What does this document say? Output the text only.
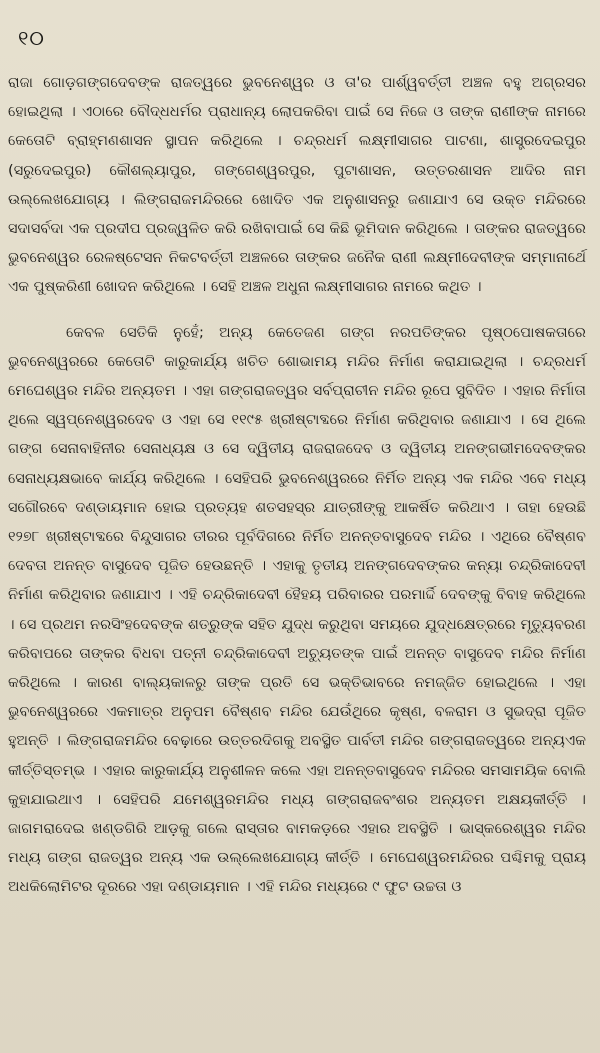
୧୦

ରାଜା ଗୋଡ଼ଗଙ୍ଗଦେବଙ୍କ ରାଜତ୍ୱରେ ଭୁବନେଶ୍ୱର ଓ ତା'ର ପାର୍ଶ୍ୱବର୍ତ୍ତୀ ଅଞ୍ଚଳ ବହୁ ଅଗ୍ରସର ହୋଇଥିଲା । ଏଠାରେ ବୌଦ୍ଧଧର୍ମର ପ୍ରାଧାନ୍ୟ ଲୋପକରିବା ପାଇଁ ସେ ନିଜେ ଓ ତାଙ୍କ ରାଣୀଙ୍କ ନାମରେ କେତୋଟି ବ୍ରାହ୍ମଣଶାସନ ସ୍ଥାପନ କରିଥିଲେ । ଚନ୍ଦ୍ରଧର୍ମ ଲକ୍ଷ୍ମୀସାଗର ପାଟଣା, ଶାସ୍ତ୍ରଦେଇପୁର (ସରୁଦେଇପୁର) କୌଶଲ୍ୟାପୁର, ଗଙ୍ଗେଶ୍ୱରପୁର, ପୁଟାଶାସନ, ଉତ୍ତରଶାସନ ଆଦିର ନାମ ଉଲ୍ଲେଖଯୋଗ୍ୟ । ଲିଙ୍ଗରାଜମନ୍ଦିରରେ ଖୋଦିତ ଏକ ଅନୁଶାସନରୁ ଜଣାଯାଏ ସେ ଉକ୍ତ ମନ୍ଦିରରେ ସଦାସର୍ବଦା ଏକ ପ୍ରଦୀପ ପ୍ରଜ୍ୱଳିତ କରି ରଖିବାପାଇଁ ସେ କିଛି ଭୂମିଦାନ କରିଥିଲେ । ତାଙ୍କର ରାଜତ୍ୱରେ ଭୁବନେଶ୍ୱର ରେଳଷ୍ଟେସନ ନିକଟବର୍ତ୍ତୀ ଅଞ୍ଚଳରେ ତାଙ୍କର ଜନୈକ ରାଣୀ ଲକ୍ଷ୍ମୀଦେବୀଙ୍କ ସମ୍ମାନାର୍ଥେ ଏକ ପୁଷ୍କରିଣୀ ଖୋଦନ କରିଥିଲେ । ସେହି ଅଞ୍ଚଳ ଅଧୁନା ଲକ୍ଷ୍ମୀସାଗର ନାମରେ କଥିତ ।

କେବଳ ସେତିକି ନୁହେଁ; ଅନ୍ୟ କେତେଜଣ ଗଙ୍ଗ ନରପତିଙ୍କର ପୃଷ୍ଠପୋଷକତାରେ ଭୁବନେଶ୍ୱରରେ କେତୋଟି କାରୁକାର୍ଯ୍ୟ ଖଚିତ ଶୋଭାମୟ ମନ୍ଦିର ନିର୍ମାଣ କରାଯାଇଥିଲା । ଚନ୍ଦ୍ରଧର୍ମ ମେଘେଶ୍ୱର ମନ୍ଦିର ଅନ୍ୟତମ । ଏହା ଗଙ୍ଗରାଜତ୍ୱର ସର୍ବପ୍ରାଚୀନ ମନ୍ଦିର ରୂପେ ସୁବିଦିତ । ଏହାର ନିର୍ମାତା ଥିଲେ ସ୍ୱପ୍ନେଶ୍ୱରଦେବ ଓ ଏହା ସେ ୧୧୯୫ ଖ୍ରୀଷ୍ଟାବ୍ଦରେ ନିର୍ମାଣ କରିଥିବାର ଜଣାଯାଏ । ସେ ଥିଲେ ଗଙ୍ଗ ସେନାବାହିନୀର ସେନାଧ୍ୟକ୍ଷ ଓ ସେ ଦ୍ୱିତୀୟ ରାଜରାଜଦେବ ଓ ଦ୍ୱିତୀୟ ଅନଙ୍ଗଭୀମଦେବଙ୍କର ସେନାଧ୍ୟକ୍ଷଭାବେ କାର୍ଯ୍ୟ କରିଥିଲେ । ସେହିପରି ଭୁବନେଶ୍ୱରରେ ନିର୍ମିତ ଅନ୍ୟ ଏକ ମନ୍ଦିର ଏବେ ମଧ୍ୟ ସଗୌରବେ ଦଣ୍ଡାୟମାନ ହୋଇ ପ୍ରତ୍ୟହ ଶତସହସ୍ର ଯାତ୍ରୀଙ୍କୁ ଆକର୍ଷିତ କରିଥାଏ । ତାହା ହେଉଛି ୧୨୭୮ ଖ୍ରୀଷ୍ଟାବ୍ଦରେ ବିନ୍ଦୁସାଗର ତୀରର ପୂର୍ବଦିଗରେ ନିର୍ମିତ ଅନନ୍ତବାସୁଦେବ ମନ୍ଦିର । ଏଥିରେ ବୈଷ୍ଣବ ଦେବତା ଅନନ୍ତ ବାସୁଦେବ ପୂଜିତ ହେଉଛନ୍ତି । ଏହାକୁ ତୃତୀୟ ଅନଙ୍ଗଦେବଙ୍କର କନ୍ୟା ଚନ୍ଦ୍ରିକାଦେବୀ ନିର୍ମାଣ କରିଥିବାର ଜଣାଯାଏ । ଏହି ଚନ୍ଦ୍ରିକାଦେବୀ ହୈହୟ ପରିବାରର ପରମାର୍ଦ୍ଦି ଦେବଙ୍କୁ ବିବାହ କରିଥିଲେ । ସେ ପ୍ରଥମ ନରସିଂହଦେବଙ୍କ ଶତ୍ରୁଙ୍କ ସହିତ ଯୁଦ୍ଧ କରୁଥିବା ସମୟରେ ଯୁଦ୍ଧକ୍ଷେତ୍ରରେ ମୃତ୍ୟୁବରଣ କରିବାପରେ ତାଙ୍କର ବିଧବା ପତ୍ନୀ ଚନ୍ଦ୍ରିକାଦେବୀ ଅଚ୍ୟୁତଙ୍କ ପାଇଁ ଅନନ୍ତ ବାସୁଦେବ ମନ୍ଦିର ନିର୍ମାଣ କରିଥିଲେ । କାରଣ ବାଲ୍ୟକାଳରୁ ତାଙ୍କ ପ୍ରତି ସେ ଭକ୍ତିଭାବରେ ନମଜ୍ଜିତ ହୋଇଥିଲେ । ଏହା ଭୁବନେଶ୍ୱରରେ ଏକମାତ୍ର ଅନୁପମ ବୈଷ୍ଣବ ମନ୍ଦିର ଯେଉଁଥିରେ କୃଷ୍ଣ, ବଳରାମ ଓ ସୁଭଦ୍ରା ପୂଜିତ ହୁଅନ୍ତି । ଲିଙ୍ଗରାଜମନ୍ଦିର ବେଢ଼ାରେ ଉତ୍ତରଦିଗକୁ ଅବସ୍ଥିତ ପାର୍ବତୀ ମନ୍ଦିର ଗଙ୍ଗରାଜତ୍ୱରେ ଅନ୍ୟଏକ କୀର୍ତ୍ତିସ୍ତମ୍ଭ । ଏହାର କାରୁକାର୍ଯ୍ୟ ଅନୁଶୀଳନ କଲେ ଏହା ଅନନ୍ତବାସୁଦେବ ମନ୍ଦିରର ସମସାମୟିକ ବୋଲି କୁହାଯାଇଥାଏ । ସେହିପରି ଯମେଶ୍ୱରମନ୍ଦିର ମଧ୍ୟ ଗଙ୍ଗରାଜବଂଶର ଅନ୍ୟତମ ଅକ୍ଷୟକୀର୍ତ୍ତି । ଜାଗମରାଦେଇ ଖଣ୍ଡଗିରି ଆଡ଼କୁ ଗଲେ ରାସ୍ତାର ବାମକଡ଼ରେ ଏହାର ଅବସ୍ଥିତି । ଭାସ୍କରେଶ୍ୱର ମନ୍ଦିର ମଧ୍ୟ ଗଙ୍ଗ ରାଜତ୍ୱର ଅନ୍ୟ ଏକ ଉଲ୍ଲେଖଯୋଗ୍ୟ କୀର୍ତ୍ତି । ମେଘେଶ୍ୱରମନ୍ଦିରର ପଶ୍ଚିମକୁ ପ୍ରାୟ ଅଧକିଲୋମିଟର ଦୂରରେ ଏହା ଦଣ୍ଡାୟମାନ । ଏହି ମନ୍ଦିର ମଧ୍ୟରେ ୯ ଫୁଟ ଉଚ୍ଚତା ଓ
